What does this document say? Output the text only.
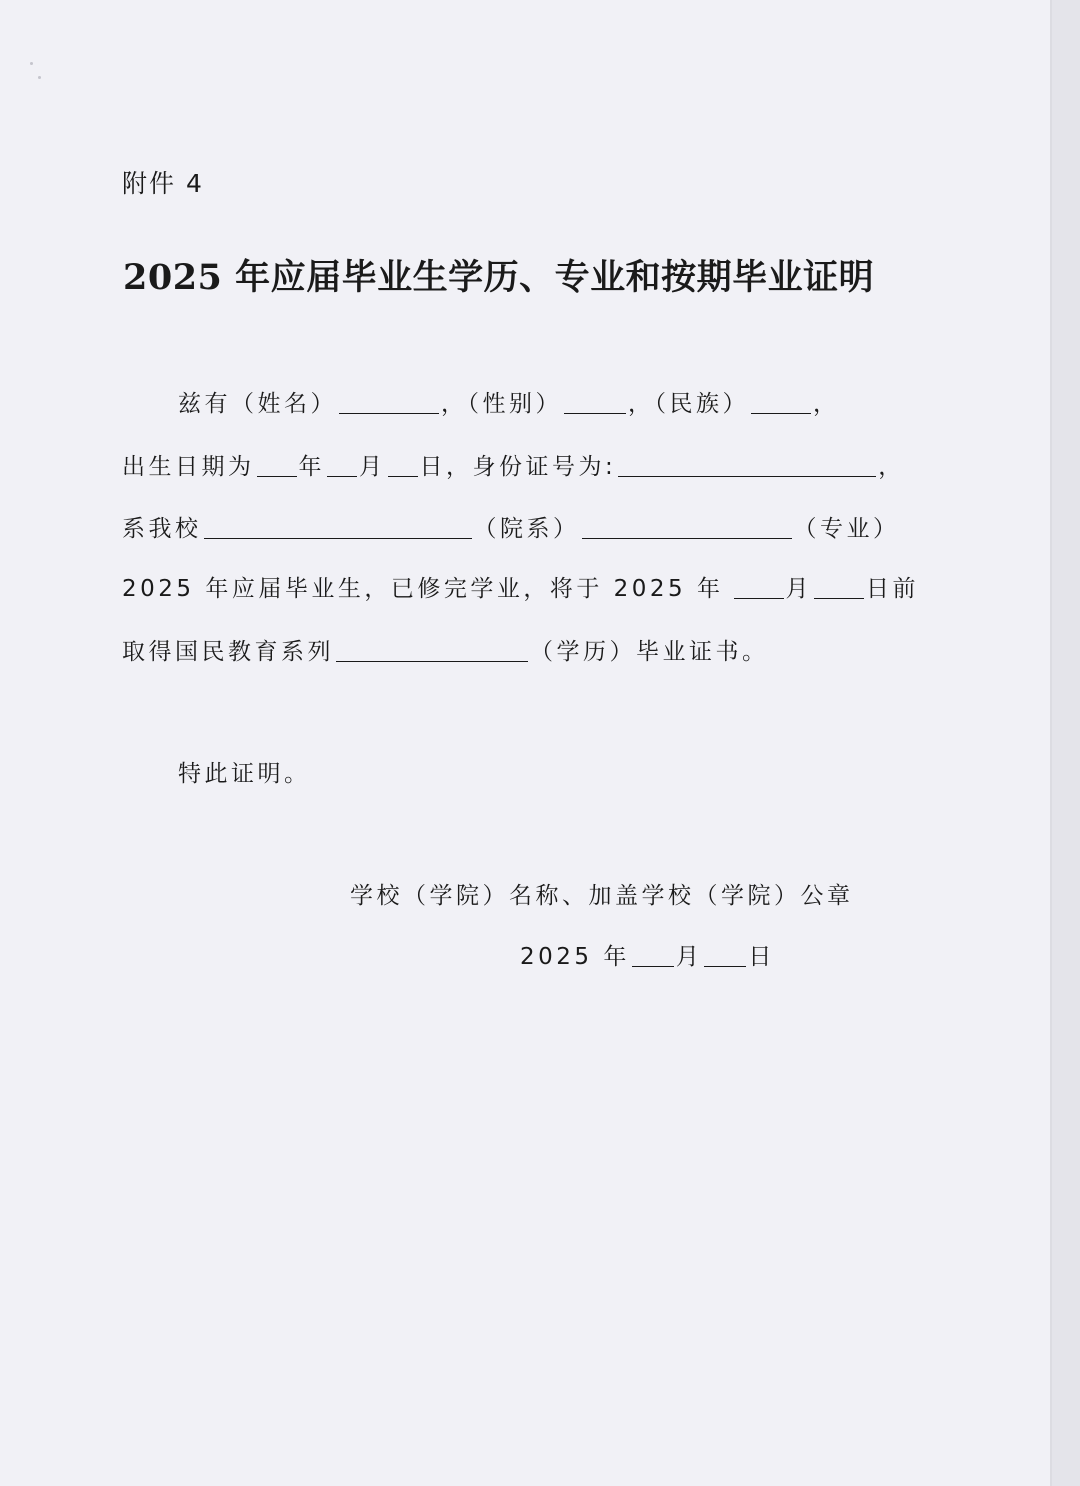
附件 4
2025 年应届毕业生学历、专业和按期毕业证明
兹有（姓名）	，（性别）	，（民族）	，
出生日期为 年 月 日，身份证号为:	，
系我校	（院系）	（专业）
2025 年应届毕业生，已修完学业，将于 2025 年	月 日前
取得国民教育系列	（学历）毕业证书。
特此证明。
学校（学院）名称、加盖学校（学院）公章
2025 年 月 日
